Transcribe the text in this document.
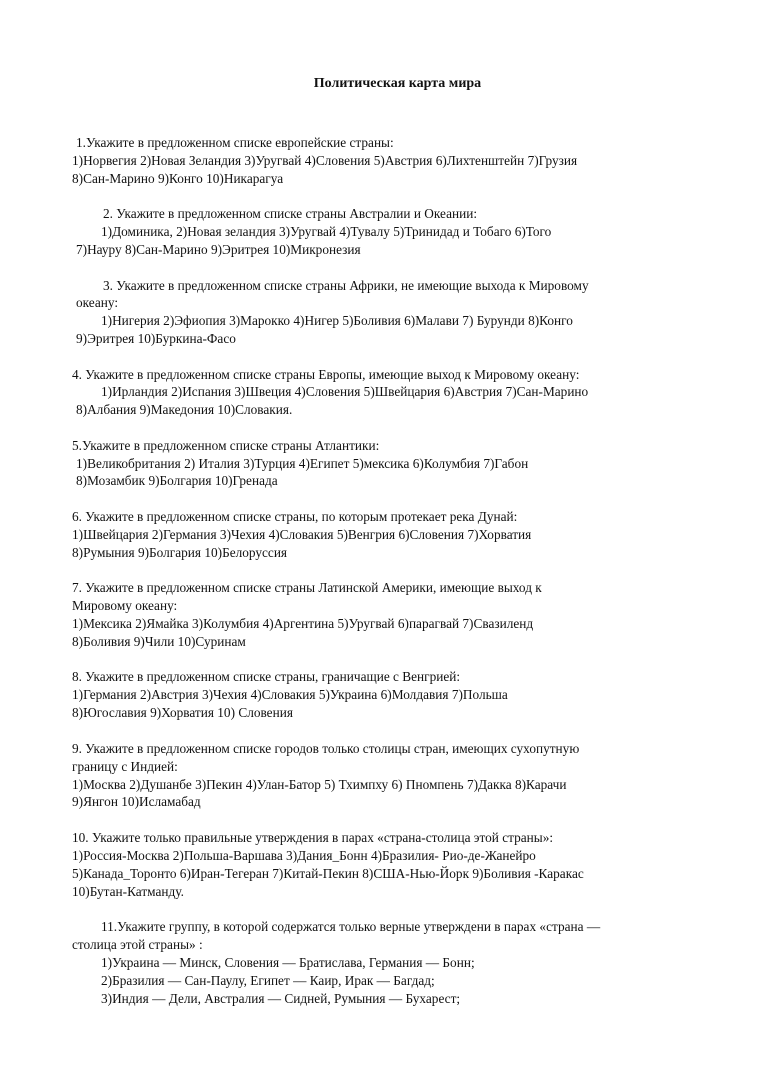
Политическая карта мира
1.Укажите в предложенном списке европейские страны:
1)Норвегия 2)Новая Зеландия 3)Уругвай 4)Словения 5)Австрия 6)Лихтенштейн 7)Грузия
8)Сан-Марино 9)Конго 10)Никарагуа
2. Укажите в предложенном списке страны Австралии и Океании:
1)Доминика, 2)Новая зеландия 3)Уругвай 4)Тувалу 5)Тринидад и Тобаго 6)Того
7)Науру 8)Сан-Марино 9)Эритрея 10)Микронезия
3. Укажите в предложенном списке страны Африки, не имеющие выхода к Мировому
океану:
1)Нигерия 2)Эфиопия 3)Марокко 4)Нигер 5)Боливия 6)Малави 7) Бурунди 8)Конго
9)Эритрея 10)Буркина-Фасо
4. Укажите в предложенном списке страны Европы, имеющие выход к Мировому океану:
1)Ирландия 2)Испания 3)Швеция 4)Словения 5)Швейцария 6)Австрия 7)Сан-Марино
8)Албания 9)Македония 10)Словакия.
5.Укажите в предложенном списке страны Атлантики:
1)Великобритания 2) Италия 3)Турция 4)Египет 5)мексика 6)Колумбия 7)Габон
8)Мозамбик 9)Болгария 10)Гренада
6. Укажите в предложенном списке страны, по которым протекает река Дунай:
1)Швейцария 2)Германия 3)Чехия 4)Словакия 5)Венгрия 6)Словения 7)Хорватия
8)Румыния 9)Болгария 10)Белоруссия
7. Укажите в предложенном списке страны Латинской Америки, имеющие выход к
Мировому океану:
1)Мексика 2)Ямайка 3)Колумбия 4)Аргентина 5)Уругвай 6)парагвай 7)Свазиленд
8)Боливия 9)Чили 10)Суринам
8. Укажите в предложенном списке страны, граничащие с Венгрией:
1)Германия 2)Австрия 3)Чехия 4)Словакия 5)Украина 6)Молдавия 7)Польша
8)Югославия 9)Хорватия 10) Словения
9. Укажите в предложенном списке городов только столицы стран, имеющих сухопутную
границу с Индией:
1)Москва 2)Душанбе 3)Пекин 4)Улан-Батор 5) Тхимпху 6) Пномпень 7)Дакка 8)Карачи
9)Янгон 10)Исламабад
10. Укажите только правильные утверждения в парах «страна-столица этой страны»:
1)Россия-Москва 2)Польша-Варшава 3)Дания_Бонн 4)Бразилия- Рио-де-Жанейро
5)Канада_Торонто 6)Иран-Тегеран 7)Китай-Пекин 8)США-Нью-Йорк 9)Боливия -Каракас
10)Бутан-Катманду.
11.Укажите группу, в которой содержатся только верные утверждени в парах «страна —
столица этой страны» :
1)Украина — Минск, Словения — Братислава, Германия — Бонн;
2)Бразилия — Сан-Паулу, Египет — Каир, Ирак — Багдад;
3)Индия — Дели, Австралия — Сидней, Румыния — Бухарест;
